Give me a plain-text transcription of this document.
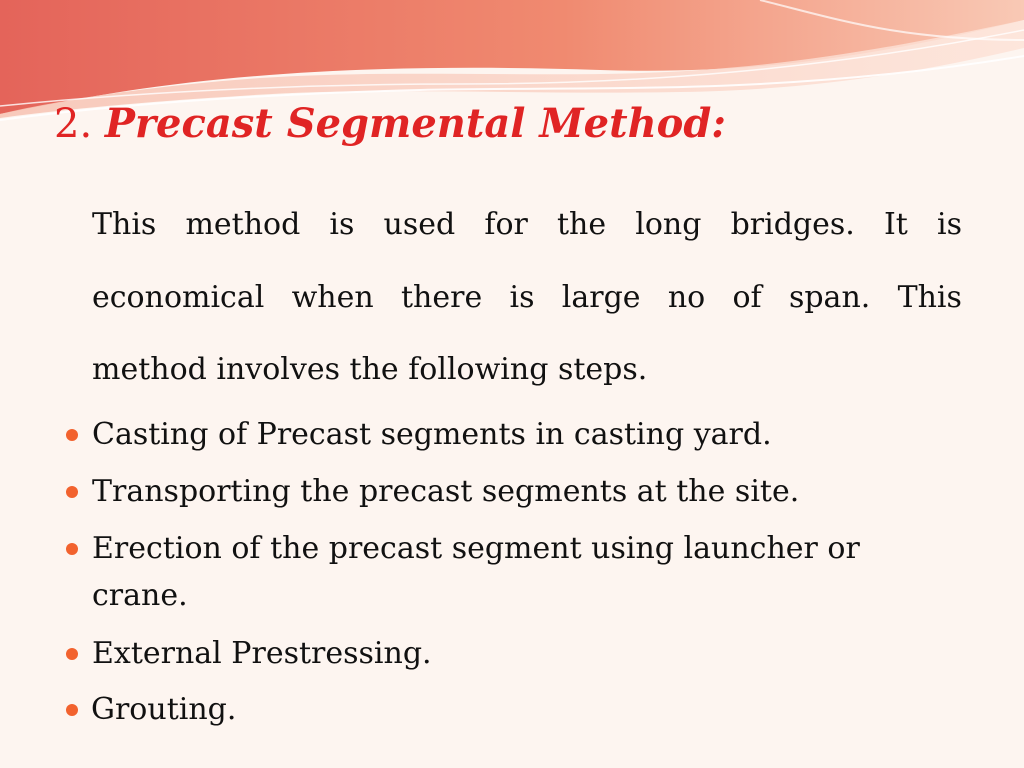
2. Precast Segmental Method:
This method is used for the long bridges. It is
economical when there is large no of span. This

method involves the following steps.

Casting of Precast segments in casting yard.

Transporting the precast segments at the site.

Erection of the precast segment using launcher or

crane.

External Prestressing.

Grouting.
